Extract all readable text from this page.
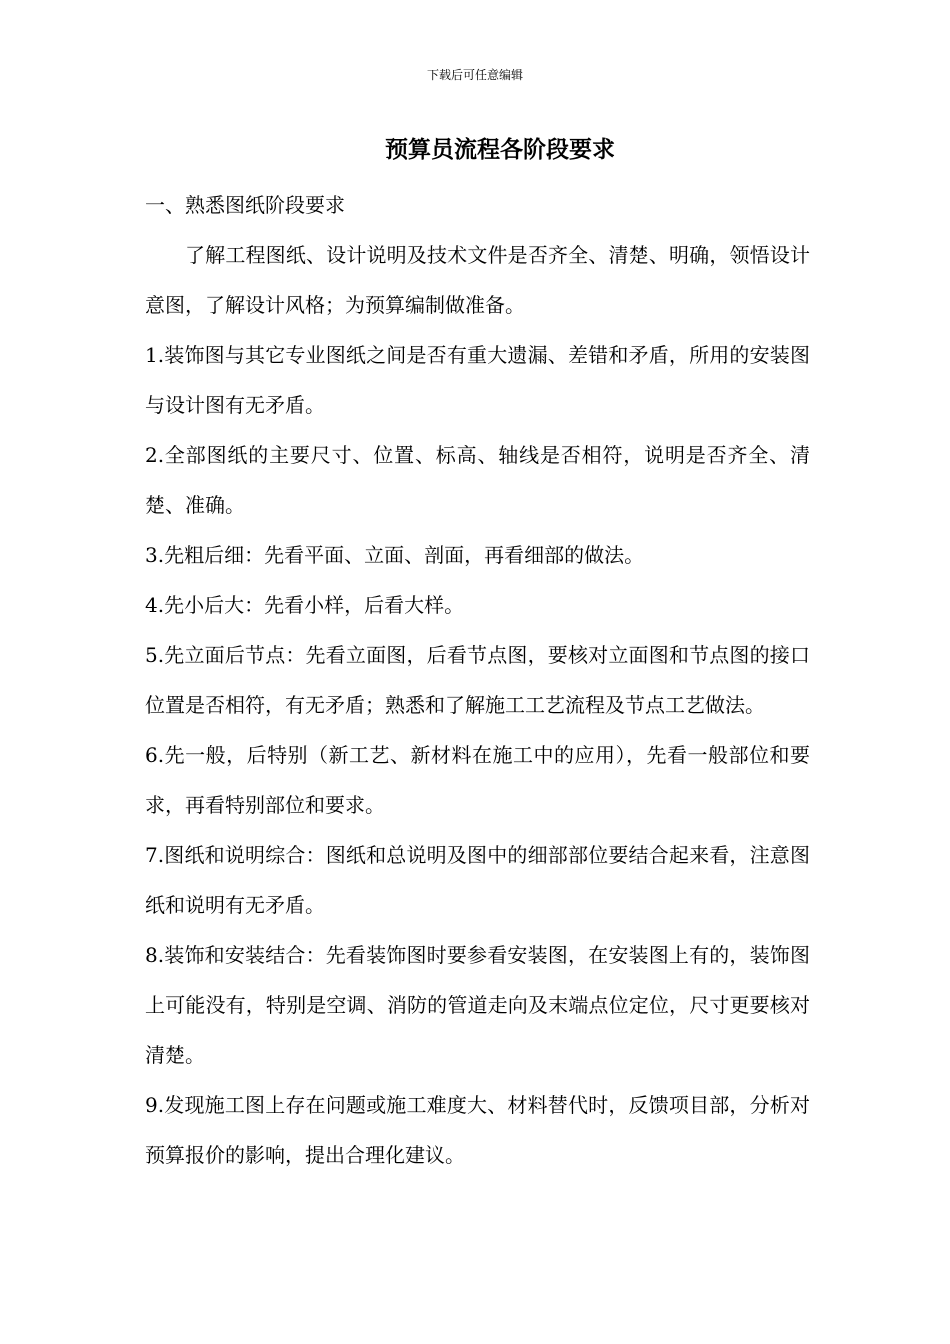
下载后可任意编辑
预算员流程各阶段要求

一、熟悉图纸阶段要求

了解工程图纸、设计说明及技术文件是否齐全、清楚、明确，领悟设计意图，了解设计风格；为预算编制做准备。

1.装饰图与其它专业图纸之间是否有重大遗漏、差错和矛盾，所用的安装图与设计图有无矛盾。

2.全部图纸的主要尺寸、位置、标高、轴线是否相符，说明是否齐全、清楚、准确。

3.先粗后细：先看平面、立面、剖面，再看细部的做法。

4.先小后大：先看小样，后看大样。

5.先立面后节点：先看立面图，后看节点图，要核对立面图和节点图的接口位置是否相符，有无矛盾；熟悉和了解施工工艺流程及节点工艺做法。

6.先一般，后特别（新工艺、新材料在施工中的应用），先看一般部位和要求，再看特别部位和要求。

7.图纸和说明综合：图纸和总说明及图中的细部部位要结合起来看，注意图纸和说明有无矛盾。

8.装饰和安装结合：先看装饰图时要参看安装图，在安装图上有的，装饰图上可能没有，特别是空调、消防的管道走向及末端点位定位，尺寸更要核对清楚。

9.发现施工图上存在问题或施工难度大、材料替代时，反馈项目部，分析对预算报价的影响，提出合理化建议。
